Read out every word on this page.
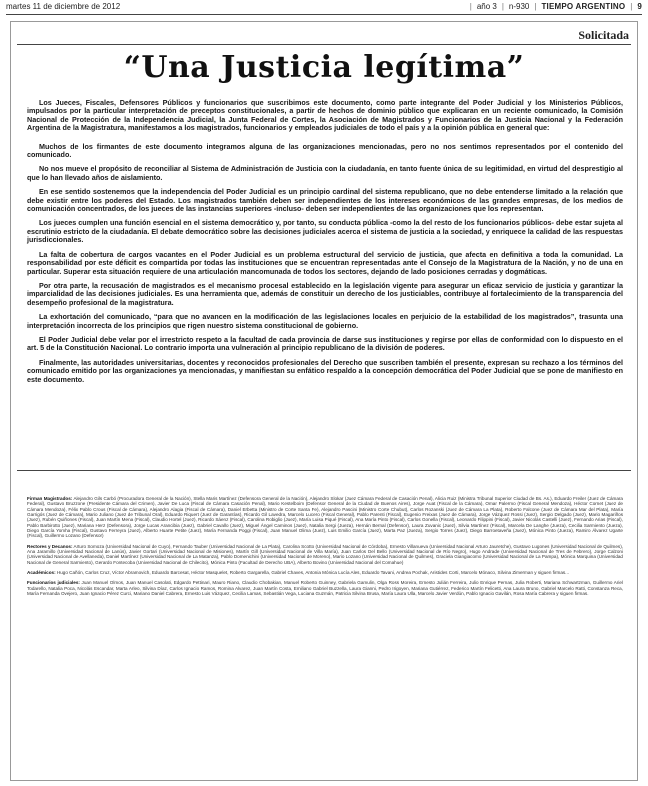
martes 11 de diciembre de 2012	| año 3 | n-930 | TIEMPO ARGENTINO | 9
Solicitada
“Una Justicia legítima”

Los Jueces, Fiscales, Defensores Públicos y funcionarios que suscribimos este documento, como parte integrante del Poder Judicial y los Ministerios Públicos, impulsados por la particular interpretación de preceptos constitucionales, a partir de hechos de dominio público que explicaran en un reciente comunicado, la Comisión Nacional de Protección de la Independencia Judicial, la Junta Federal de Cortes, la Asociación de Magistrados y Funcionarios de la Justicia Nacional y la Federación Argentina de la Magistratura, manifestamos a los magistrados, funcionarios y empleados judiciales de todo el país y a la opinión pública en general que:

Muchos de los firmantes de este documento integramos alguna de las organizaciones mencionadas, pero no nos sentimos representados por el contenido del comunicado.

No nos mueve el propósito de reconciliar al Sistema de Administración de Justicia con la ciudadanía, en tanto fuente única de su legitimidad, en virtud del desprestigio al que lo han llevado años de aislamiento.

En ese sentido sostenemos que la independencia del Poder Judicial es un principio cardinal del sistema republicano, que no debe entenderse limitado a la relación que debe existir entre los poderes del Estado. Los magistrados también deben ser independientes de los intereses económicos de las grandes empresas, de los medios de comunicación concentrados, de los jueces de las instancias superiores -incluso- deben ser independientes de las organizaciones que los representan.

Los jueces cumplen una función esencial en el sistema democrático y, por tanto, su conducta pública -como la del resto de los funcionarios públicos- debe estar sujeta al escrutinio estricto de la ciudadanía. El debate democrático sobre las decisiones judiciales acerca el sistema de justicia a la sociedad, y enriquece la calidad de las respuestas jurisdiccionales.

La falta de cobertura de cargos vacantes en el Poder Judicial es un problema estructural del servicio de justicia, que afecta en definitiva a toda la comunidad. La responsabilidad por este déficit es compartida por todas las instituciones que se encuentran representadas ante el Consejo de la Magistratura de la Nación, y no de una en particular. Superar esta situación requiere de una articulación mancomunada de todos los sectores, dejando de lado posiciones cerradas y dogmáticas.

Por otra parte, la recusación de magistrados es el mecanismo procesal establecido en la legislación vigente para asegurar un eficaz servicio de justicia y garantizar la imparcialidad de las decisiones judiciales. Es una herramienta que, además de constituir un derecho de los justiciables, contribuye al fortalecimiento de la transparencia del desempeño profesional de la magistratura.

La exhortación del comunicado, “para que no avancen en la modificación de las legislaciones locales en perjuicio de la estabilidad de los magistrados”, trasunta una interpretación incorrecta de los principios que rigen nuestro sistema constitucional de gobierno.

El Poder Judicial debe velar por el irrestricto respeto a la facultad de cada provincia de darse sus instituciones y regirse por ellas de conformidad con lo dispuesto en el art. 5 de la Constitución Nacional. Lo contrario importa una vulneración al principio republicano de la división de poderes.

Finalmente, las autoridades universitarias, docentes y reconocidos profesionales del Derecho que suscriben también el presente, expresan su rechazo a los términos del comunicado emitido por las organizaciones ya mencionadas, y manifiestan su enfático respaldo a la concepción democrática del Poder Judicial que se pone de manifiesto en este documento.

Firman Magistrados: Alejandro Gils Carbó (Procuradora General de la Nación), Stella Maris Martínez (Defensora General de la Nación), Alejandro Slokar (Juez Cámara Federal de Casación Penal), Alicia Ruiz (Ministra Tribunal Superior Ciudad de Bs. As.), Eduardo Freiler (Juez de Cámara Federal), Gustavo Bruzzone (Presidente Cámara del Crimen), Javier De Luca (Fiscal de Cámara Casación Penal), Mario Kestelboim (Defensor General de la Ciudad de Buenos Aires), Jorge Auat (Fiscal de la Cámara), Omar Palermo (Fiscal General Mendoza), Héctor Cornet (Juez de Cámara Mendoza), Félix Pablo Crous (Fiscal de Cámara), Alejandro Alagia (Fiscal de Cámara), Daniel Erbetta (Ministro de Corte Santa Fe), Alejandro Pascini (Ministro Corte Chubut), Carlos Rozanski (Juez de Cámara La Plata), Roberto Falcone (Juez de Cámara Mar del Plata), María Garrigós (Juez de Cámara), Mario Juliano (Juez de Tribunal Oral), Eduardo Riquert (Juez de Garantías), Ricardo Gil Lavedra, Marcelo Lucero (Fiscal General), Pablo Parenti (Fiscal), Eugenio Freixas (Juez de Cámara), Jorge Vázquez Rossi (Juez), Sergio Delgado (Juez), Mario Magariños (Juez), Rubén Quiñones (Fiscal), Juan Martín Mena (Fiscal), Claudio Hortel (Juez), Ricardo Sáenz (Fiscal), Carolina Robiglio (Juez), María Luisa Piqué (Fiscal), Ana María Pinto (Fiscal), Carlos Gonella (Fiscal), Leonardo Filippini (Fiscal), Javier Nicolás Castelli (Juez), Fernando Arias (Fiscal), Pablo Barbirotto (Juez), Mariana Herz (Defensora), Jorge Lucas Arancibia (Juez), Gabriel Cavallo (Juez), Miguel Ángel Caminos (Juez), Natalia Sergi (Jueza), Hernán Bernal (Defensor), Laura Zuvanic (Juez), Silvia Martínez (Fiscal), Marcela De Langhe (Jueza), Cecilia Sarmiento (Jueza), Diego García Yomha (Fiscal), Gustavo Ferreyra (Juez), Alberto Huarte Petite (Juez), María Fernanda Poggi (Fiscal), Juan Manuel Olima (Juez), Luis Emilio García (Juez), Marta Paz (Jueza), Sergio Torres (Juez), Diego Barroetaveña (Juez), Mónica Pinto (Jueza), Ramiro Álvarez Ugarte (Fiscal), Guillermo Lozano (Defensor)

Rectores y Decanos: Arturo Somoza (Universidad Nacional de Cuyo), Fernando Tauber (Universidad Nacional de La Plata), Carolina Scotto (Universidad Nacional de Córdoba), Ernesto Villanueva (Universidad Nacional Arturo Jauretche), Gustavo Lugones (Universidad Nacional de Quilmes), Ana Jaramillo (Universidad Nacional de Lanús), Javier Gortari (Universidad Nacional de Misiones), Martín Gill (Universidad Nacional de Villa María), Juan Carlos Del Bello (Universidad Nacional de Río Negro), Hugo Andrade (Universidad Nacional de Tres de Febrero), Jorge Calzoni (Universidad Nacional de Avellaneda), Daniel Martínez (Universidad Nacional de La Matanza), Pablo Domenichini (Universidad Nacional de Moreno), Mario Lozano (Universidad Nacional de Quilmes), Graciela Giangiacomo (Universidad Nacional de La Pampa), Mónica Marquina (Universidad Nacional de General Sarmiento), Gerardo Fontecoba (Universidad Nacional de Chilecito), Mónica Pinto (Facultad de Derecho UBA), Alberto Bovino (Universidad Nacional del Comahue)

Académicos: Hugo Cañón, Carlos Cruz, Víctor Abramovich, Eduardo Barcesat, Héctor Masquelet, Roberto Gargarella, Gabriel Chaves, Antonia Mónica Lucía Ales, Eduardo Tavani, Andrea Pochak, Aristides Corti, Marcelo Mónaco, Silvina Zimerman y siguen firmas...

Funcionarios judiciales: Juan Manuel Olmos, Juan Manuel Casolati, Edgardo Pettinari, Mauro Riano, Claudio Chobakian, Manuel Roberto Guinney, Gabriela Gamulin, Olga Ross Moreira, Ernesto Julián Ferreira, Julio Enrique Pernas, Julia Roberti, Mariana Schwartzman, Guillermo Ariel Todarello, Natalia Poca, Nicolás Escandar, Marta Arleo, Silvina Díaz, Carlos Ignacio Ramos, Romina Alvarez, Juan Martín Costa, Emiliano Gabriel Buzzella, Laura Gianni, Pedro Irigoyen, Mariana Gutiérrez, Federico Martín Felicetti, Ana Laura Bruno, Gabriel Marcelo Ratti, Constanza Reca, María Fernanda Ovejero, Juan Ignacio Pérez Curci, Mariano Daniel Cabrera, Ernesto Luis Vázquez, Cecilia Lamas, Sebastián Vega, Luciana Guzmán, Patricia Silvina Brusa, María Laura Ulla, Marcelo Javier Verdún, Pablo Ignacio Gavilán, Rosa María Cabrera y siguen firmas.
